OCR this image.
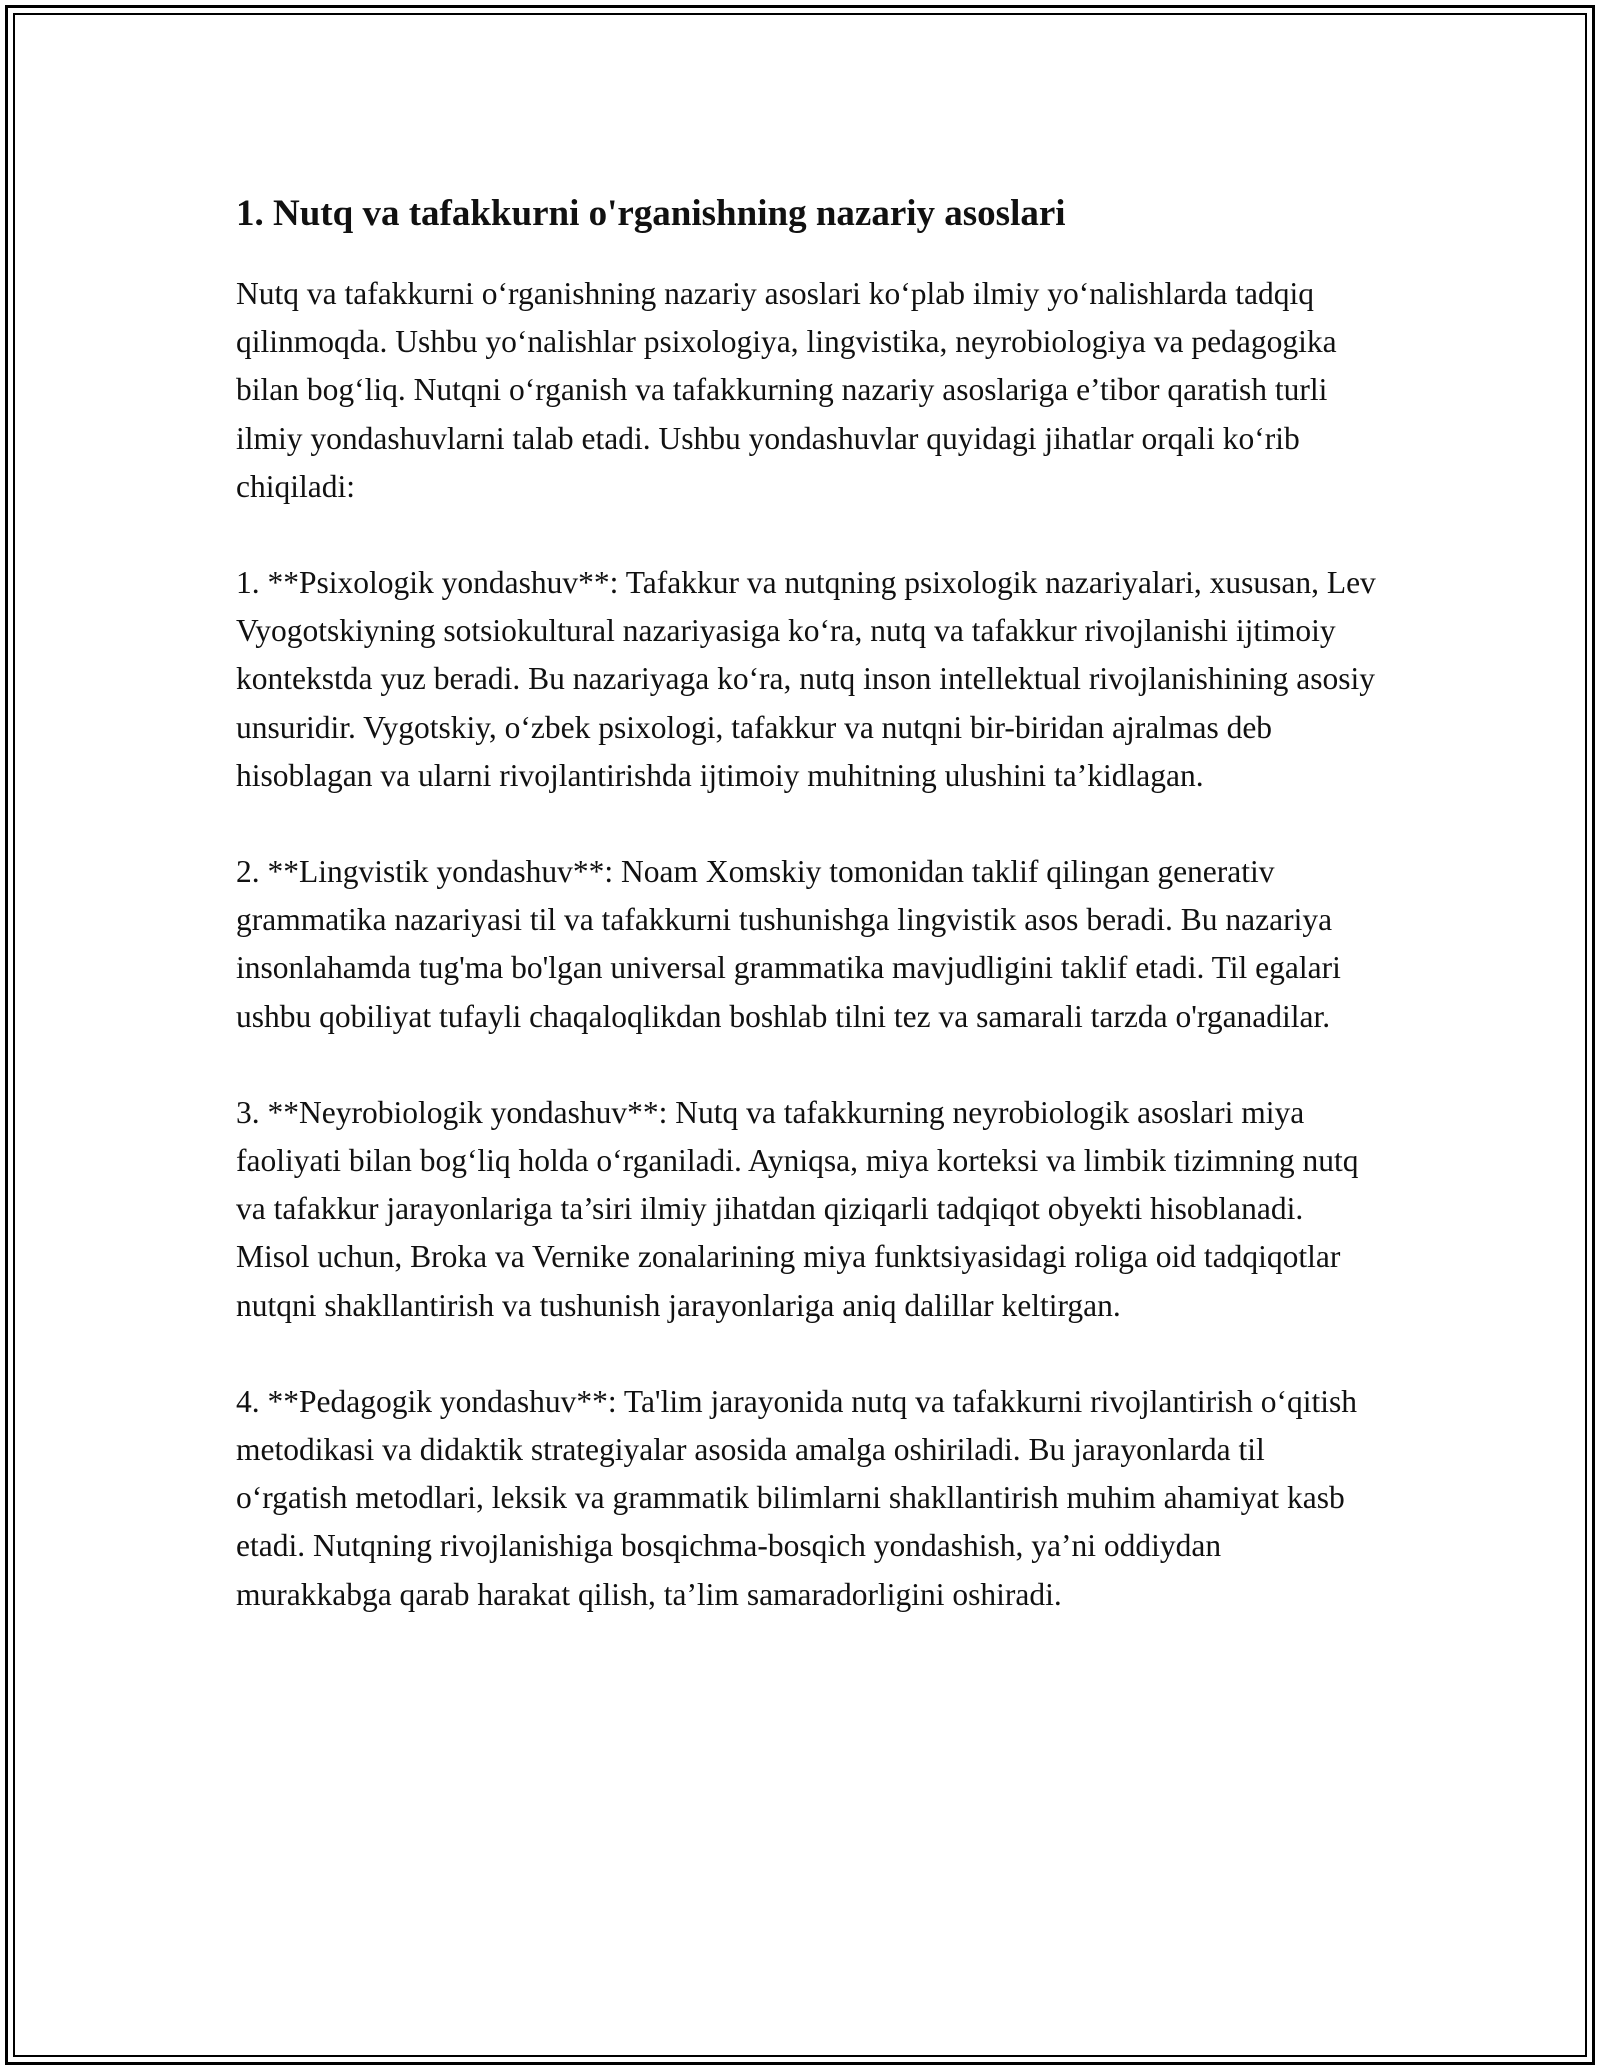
1. Nutq va tafakkurni o'rganishning nazariy asoslari

Nutq va tafakkurni o‘rganishning nazariy asoslari ko‘plab ilmiy yo‘nalishlarda tadqiq qilinmoqda. Ushbu yo‘nalishlar psixologiya, lingvistika, neyrobiologiya va pedagogika bilan bog‘liq. Nutqni o‘rganish va tafakkurning nazariy asoslariga e’tibor qaratish turli ilmiy yondashuvlarni talab etadi. Ushbu yondashuvlar quyidagi jihatlar orqali ko‘rib chiqiladi:

1. **Psixologik yondashuv**: Tafakkur va nutqning psixologik nazariyalari, xususan, Lev Vyogotskiyning sotsiokultural nazariyasiga ko‘ra, nutq va tafakkur rivojlanishi ijtimoiy kontekstda yuz beradi. Bu nazariyaga ko‘ra, nutq inson intellektual rivojlanishining asosiy unsuridir. Vygotskiy, o‘zbek psixologi, tafakkur va nutqni bir-biridan ajralmas deb hisoblagan va ularni rivojlantirishda ijtimoiy muhitning ulushini ta’kidlagan.

2. **Lingvistik yondashuv**: Noam Xomskiy tomonidan taklif qilingan generativ grammatika nazariyasi til va tafakkurni tushunishga lingvistik asos beradi. Bu nazariya insonlahamda tug'ma bo'lgan universal grammatika mavjudligini taklif etadi. Til egalari ushbu qobiliyat tufayli chaqaloqlikdan boshlab tilni tez va samarali tarzda o'rganadilar.

3. **Neyrobiologik yondashuv**: Nutq va tafakkurning neyrobiologik asoslari miya faoliyati bilan bog‘liq holda o‘rganiladi. Ayniqsa, miya korteksi va limbik tizimning nutq va tafakkur jarayonlariga ta’siri ilmiy jihatdan qiziqarli tadqiqot obyekti hisoblanadi. Misol uchun, Broka va Vernike zonalarining miya funktsiyasidagi roliga oid tadqiqotlar nutqni shakllantirish va tushunish jarayonlariga aniq dalillar keltirgan.

4. **Pedagogik yondashuv**: Ta'lim jarayonida nutq va tafakkurni rivojlantirish o‘qitish metodikasi va didaktik strategiyalar asosida amalga oshiriladi. Bu jarayonlarda til o‘rgatish metodlari, leksik va grammatik bilimlarni shakllantirish muhim ahamiyat kasb etadi. Nutqning rivojlanishiga bosqichma-bosqich yondashish, ya’ni oddiydan murakkabga qarab harakat qilish, ta’lim samaradorligini oshiradi.
